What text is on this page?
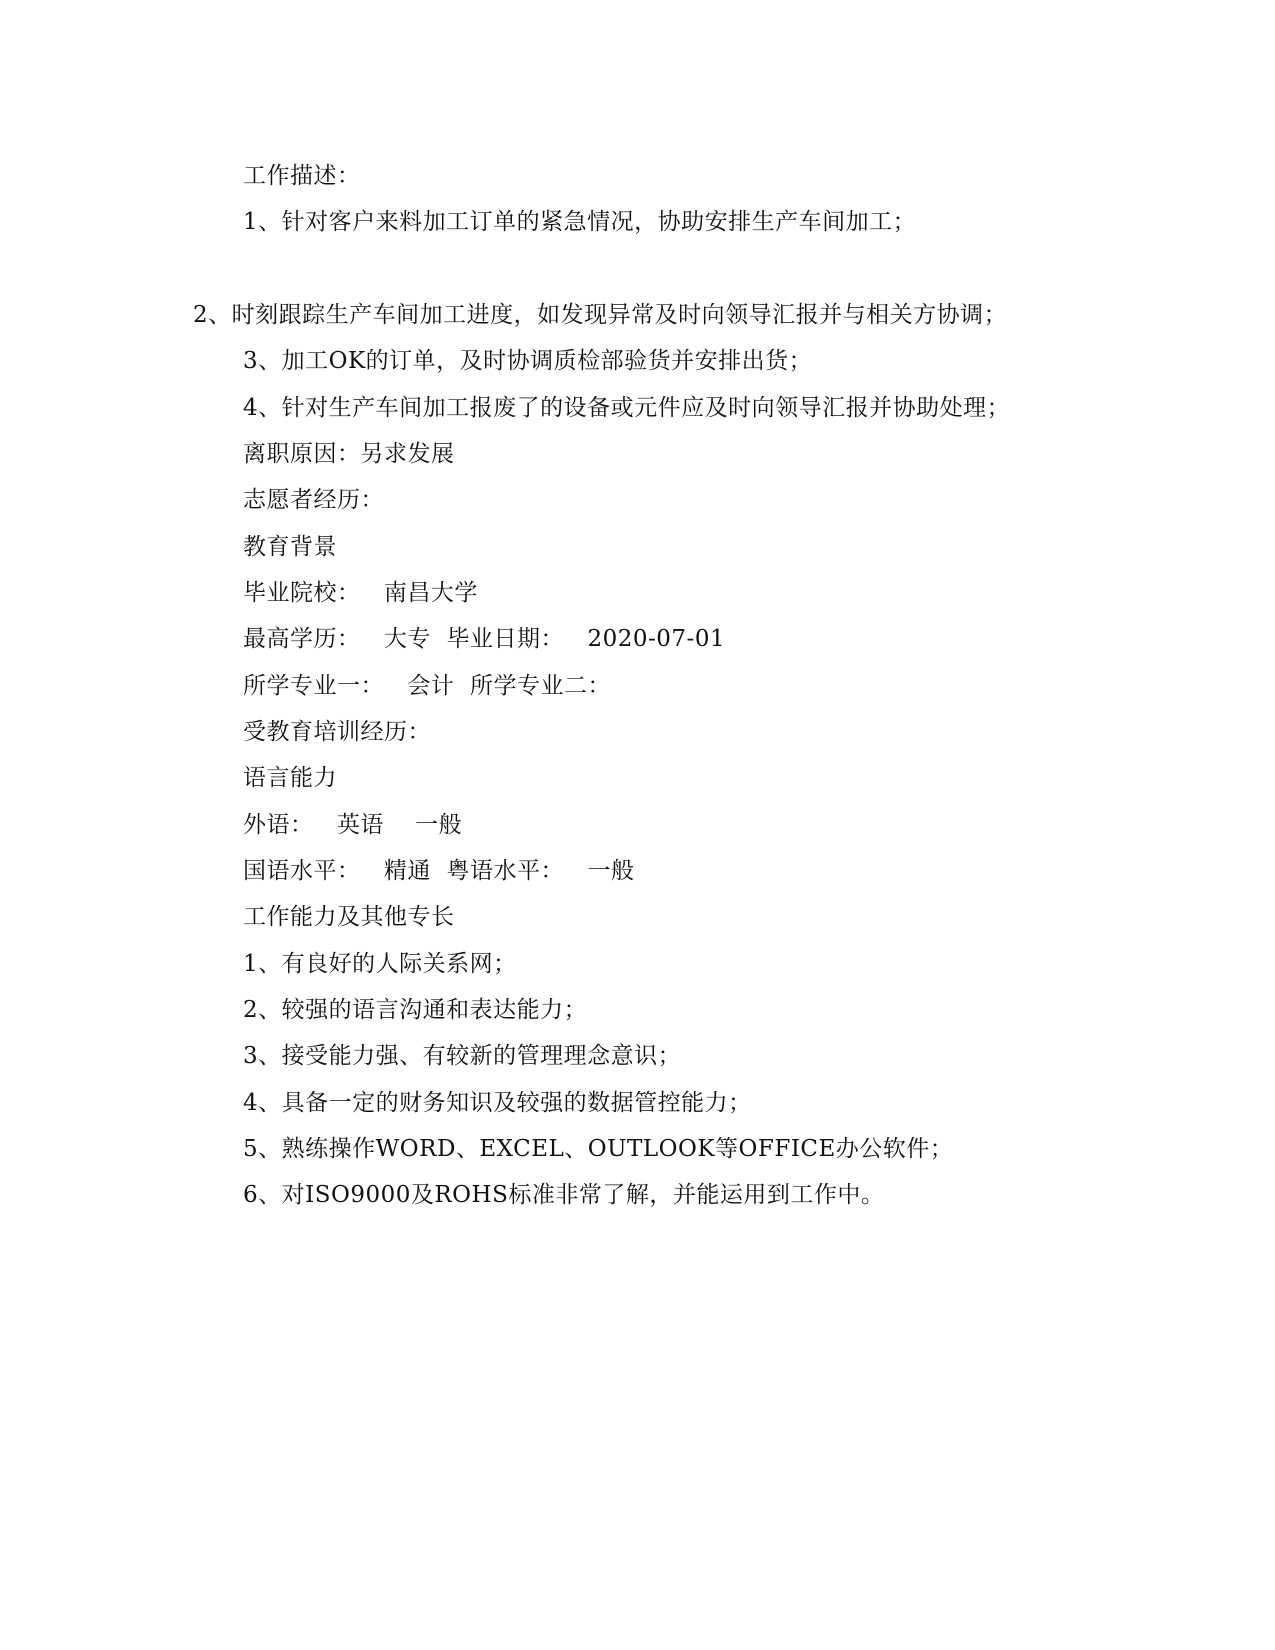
工作描述：
1、针对客户来料加工订单的紧急情况，协助安排生产车间加工；
2、时刻跟踪生产车间加工进度，如发现异常及时向领导汇报并与相关方协调；
3、加工OK的订单，及时协调质检部验货并安排出货；
4、针对生产车间加工报废了的设备或元件应及时向领导汇报并协助处理；
离职原因：另求发展
志愿者经历：
教育背景
毕业院校：   南昌大学
最高学历：   大专  毕业日期：   2020-07-01
所学专业一：   会计  所学专业二：
受教育培训经历：
语言能力
外语：   英语    一般
国语水平：   精通  粤语水平：   一般
工作能力及其他专长
1、有良好的人际关系网；
2、较强的语言沟通和表达能力；
3、接受能力强、有较新的管理理念意识；
4、具备一定的财务知识及较强的数据管控能力；
5、熟练操作WORD、EXCEL、OUTLOOK等OFFICE办公软件；
6、对ISO9000及ROHS标准非常了解，并能运用到工作中。
